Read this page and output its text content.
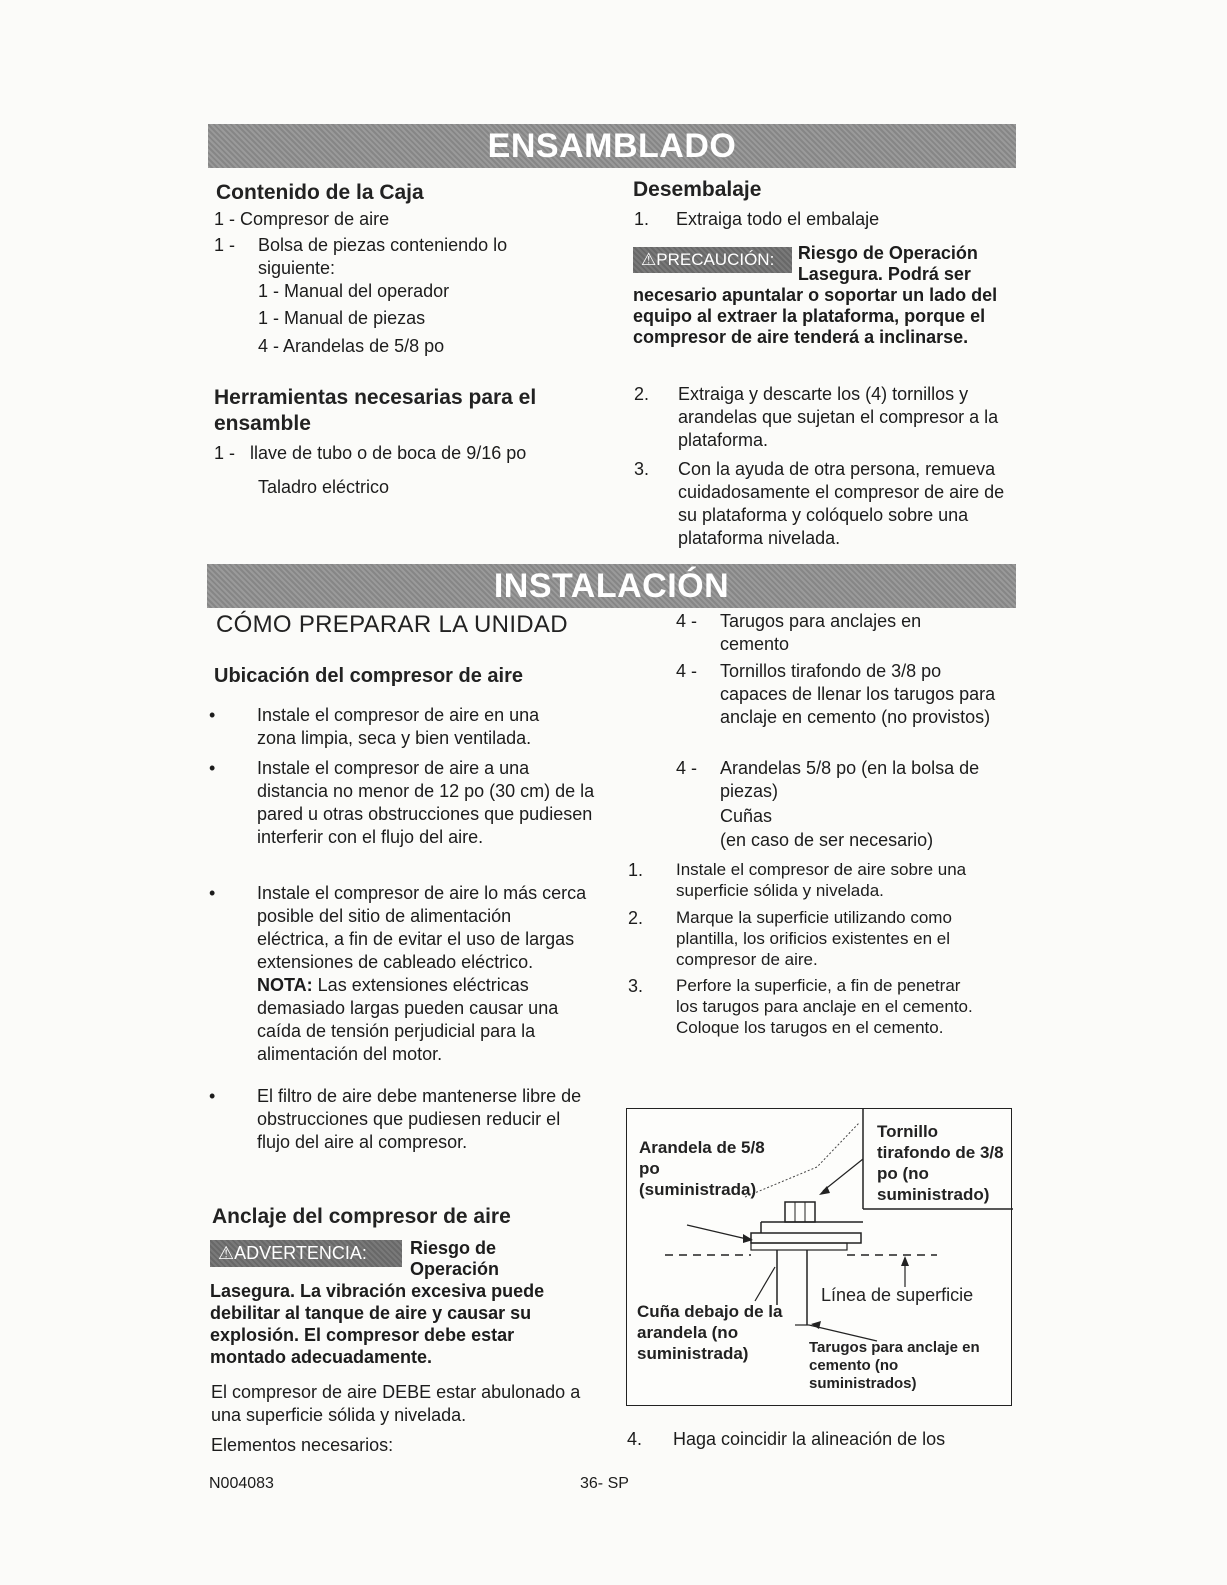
ENSAMBLADO
Contenido de la Caja
1 - Compresor de aire
1 - Bolsa de piezas conteniendo lo siguiente:
1 - Manual del operador
1 - Manual de piezas
4 - Arandelas de 5/8 po
Herramientas necesarias para el ensamble
1 - llave de tubo o de boca de 9/16 po
Taladro eléctrico
Desembalaje
1. Extraiga todo el embalaje
⚠PRECAUCIÓN:	Riesgo de Operación Lasegura. Podrá ser
necesario apuntalar o soportar un lado del equipo al extraer la plataforma, porque el compresor de aire tenderá a inclinarse.
2. Extraiga y descarte los (4) tornillos y arandelas que sujetan el compresor a la plataforma.
3. Con la ayuda de otra persona, remueva cuidadosamente el compresor de aire de su plataforma y colóquelo sobre una plataforma nivelada.
INSTALACIÓN
CÓMO PREPARAR LA UNIDAD
Ubicación del compresor de aire
• Instale el compresor de aire en una zona limpia, seca y bien ventilada.
• Instale el compresor de aire a una distancia no menor de 12 po (30 cm) de la pared u otras obstrucciones que pudiesen interferir con el flujo del aire.
• Instale el compresor de aire lo más cerca posible del sitio de alimentación eléctrica, a fin de evitar el uso de largas extensiones de cableado eléctrico. NOTA: Las extensiones eléctricas demasiado largas pueden causar una caída de tensión perjudicial para la alimentación del motor.
• El filtro de aire debe mantenerse libre de obstrucciones que pudiesen reducir el flujo del aire al compresor.
Anclaje del compresor de aire
⚠ADVERTENCIA:	Riesgo de Operación
Lasegura. La vibración excesiva puede debilitar al tanque de aire y causar su explosión. El compresor debe estar montado adecuadamente.
El compresor de aire DEBE estar abulonado a una superficie sólida y nivelada.
Elementos necesarios:
4 - Tarugos para anclajes en cemento
4 - Tornillos tirafondo de 3/8 po capaces de llenar los tarugos para anclaje en cemento (no provistos)
4 - Arandelas 5/8 po (en la bolsa de piezas)
Cuñas
(en caso de ser necesario)
1. Instale el compresor de aire sobre una superficie sólida y nivelada.
2. Marque la superficie utilizando como plantilla, los orificios existentes en el compresor de aire.
3. Perfore la superficie, a fin de penetrar los tarugos para anclaje en el cemento. Coloque los tarugos en el cemento.
Arandela de 5/8 po (suministrada)
Tornillo tirafondo de 3/8 po (no suministrado)
Línea de superficie
Cuña debajo de la arandela (no suministrada)	Tarugos para anclaje en cemento (no suministrados)
4. Haga coincidir la alineación de los
N004083	36- SP
